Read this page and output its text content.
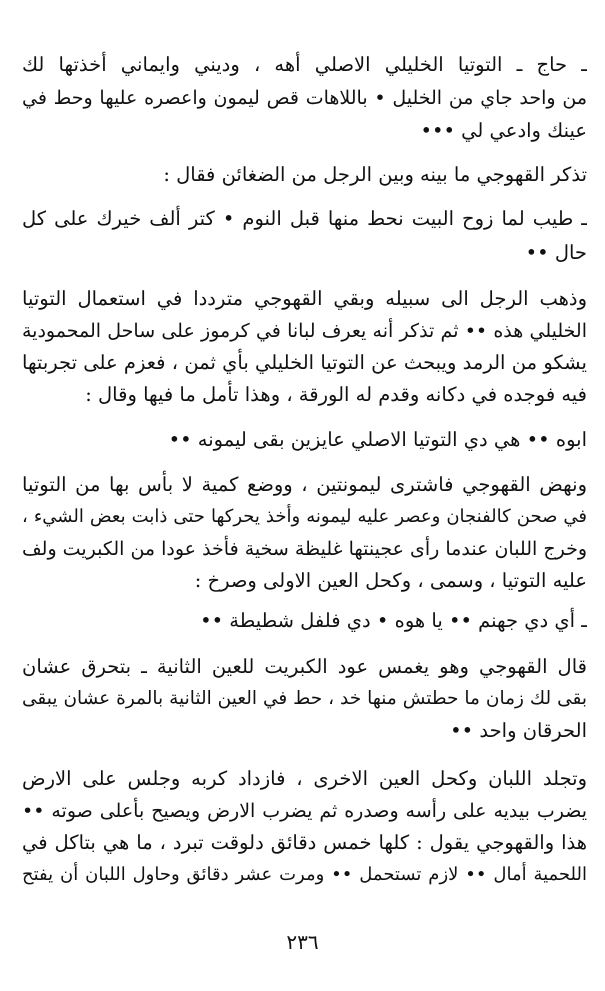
ـ حاج ـ التوتيا الخليلي الاصلي أهه ، وديني وايماني أخذتها لك
من واحد جاي من الخليل • باللاهات قص ليمون واعصره عليها وحط في
عينك وادعي لي •••
تذكر القهوجي ما بينه وبين الرجل من الضغائن فقال :
ـ طيب لما زوح البيت نحط منها قبل النوم • كتر ألف خيرك على كل
حال ••
وذهب الرجل الى سبيله وبقي القهوجي مترددا في استعمال التوتيا
الخليلي هذه •• ثم تذكر أنه يعرف لبانا في كرموز على ساحل المحمودية
يشكو من الرمد ويبحث عن التوتيا الخليلي بأي ثمن ، فعزم على تجربتها
فيه فوجده في دكانه وقدم له الورقة ، وهذا تأمل ما فيها وقال :
ابوه •• هي دي التوتيا الاصلي عايزين بقى ليمونه ••
ونهض القهوجي فاشترى ليمونتين ، ووضع كمية لا بأس بها من التوتيا
في صحن كالفنجان وعصر عليه ليمونه وأخذ يحركها حتى ذابت بعض الشيء ،
وخرج اللبان عندما رأى عجينتها غليظة سخية فأخذ عودا من الكبريت ولف
عليه التوتيا ، وسمى ، وكحل العين الاولى وصرخ :
ـ أي دي جهنم •• يا هوه • دي فلفل شطيطة ••
قال القهوجي وهو يغمس عود الكبريت للعين الثانية ـ بتحرق عشان
بقى لك زمان ما حطتش منها خد ، حط في العين الثانية بالمرة عشان يبقى
الحرقان واحد ••
وتجلد اللبان وكحل العين الاخرى ، فازداد كربه وجلس على الارض
يضرب بيديه على رأسه وصدره ثم يضرب الارض ويصيح بأعلى صوته ••
هذا والقهوجي يقول : كلها خمس دقائق دلوقت تبرد ، ما هي بتاكل في
اللحمية أمال •• لازم تستحمل •• ومرت عشر دقائق وحاول اللبان أن يفتح
٢٣٦
